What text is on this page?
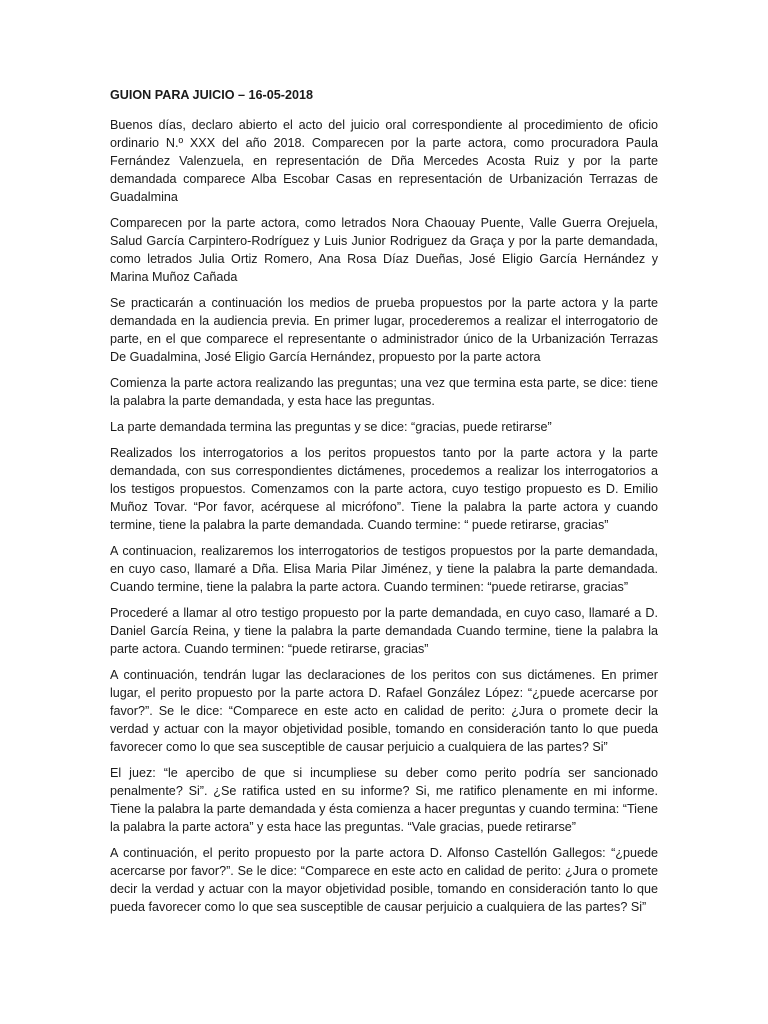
GUION PARA JUICIO – 16-05-2018

Buenos días, declaro abierto el acto del juicio oral correspondiente al procedimiento de oficio ordinario N.º XXX del año 2018. Comparecen por la parte actora, como procuradora Paula Fernández Valenzuela, en representación de Dña Mercedes Acosta Ruiz y por la parte demandada comparece Alba Escobar Casas en representación de Urbanización Terrazas de Guadalmina

Comparecen por la parte actora, como letrados Nora Chaouay Puente, Valle Guerra Orejuela, Salud García Carpintero-Rodríguez y Luis Junior Rodriguez da Graça y por la parte demandada, como letrados Julia Ortiz Romero, Ana Rosa Díaz Dueñas, José Eligio García Hernández y Marina Muñoz Cañada

Se practicarán a continuación los medios de prueba propuestos por la parte actora y la parte demandada en la audiencia previa. En primer lugar, procederemos a realizar el interrogatorio de parte, en el que comparece el representante o administrador único de la Urbanización Terrazas De Guadalmina, José Eligio García Hernández, propuesto por la parte actora

Comienza la parte actora realizando las preguntas; una vez que termina esta parte, se dice: tiene la palabra la parte demandada, y esta hace las preguntas.

La parte demandada termina las preguntas y se dice: “gracias, puede retirarse”

Realizados los interrogatorios a los peritos propuestos tanto por la parte actora y la parte demandada, con sus correspondientes dictámenes, procedemos a realizar los interrogatorios a los testigos propuestos. Comenzamos con la parte actora, cuyo testigo propuesto es D. Emilio Muñoz Tovar. “Por favor, acérquese al micrófono”. Tiene la palabra la parte actora y cuando termine, tiene la palabra la parte demandada. Cuando termine: “ puede retirarse, gracias”

A continuacion, realizaremos los interrogatorios de testigos propuestos por la parte demandada, en cuyo caso, llamaré a Dña. Elisa Maria Pilar Jiménez, y tiene la palabra la parte demandada. Cuando termine, tiene la palabra la parte actora. Cuando terminen: “puede retirarse, gracias”

Procederé a llamar al otro testigo propuesto por la parte demandada, en cuyo caso, llamaré a D. Daniel García Reina, y tiene la palabra la parte demandada Cuando termine, tiene la palabra la parte actora. Cuando terminen: “puede retirarse, gracias”

A continuación, tendrán lugar las declaraciones de los peritos con sus dictámenes. En primer lugar, el perito propuesto por la parte actora D. Rafael González López: “¿puede acercarse por favor?”. Se le dice: “Comparece en este acto en calidad de perito: ¿Jura o promete decir la verdad y actuar con la mayor objetividad posible, tomando en consideración tanto lo que pueda favorecer como lo que sea susceptible de causar perjuicio a cualquiera de las partes? Si”

El juez: “le apercibo de que si incumpliese su deber como perito podría ser sancionado penalmente? Si”. ¿Se ratifica usted en su informe? Si, me ratifico plenamente en mi informe. Tiene la palabra la parte demandada y ésta comienza a hacer preguntas y cuando termina: “Tiene la palabra la parte actora” y esta hace las preguntas. “Vale gracias, puede retirarse”

A continuación, el perito propuesto por la parte actora D. Alfonso Castellón Gallegos: “¿puede acercarse por favor?”. Se le dice: “Comparece en este acto en calidad de perito: ¿Jura o promete decir la verdad y actuar con la mayor objetividad posible, tomando en consideración tanto lo que pueda favorecer como lo que sea susceptible de causar perjuicio a cualquiera de las partes? Si”
